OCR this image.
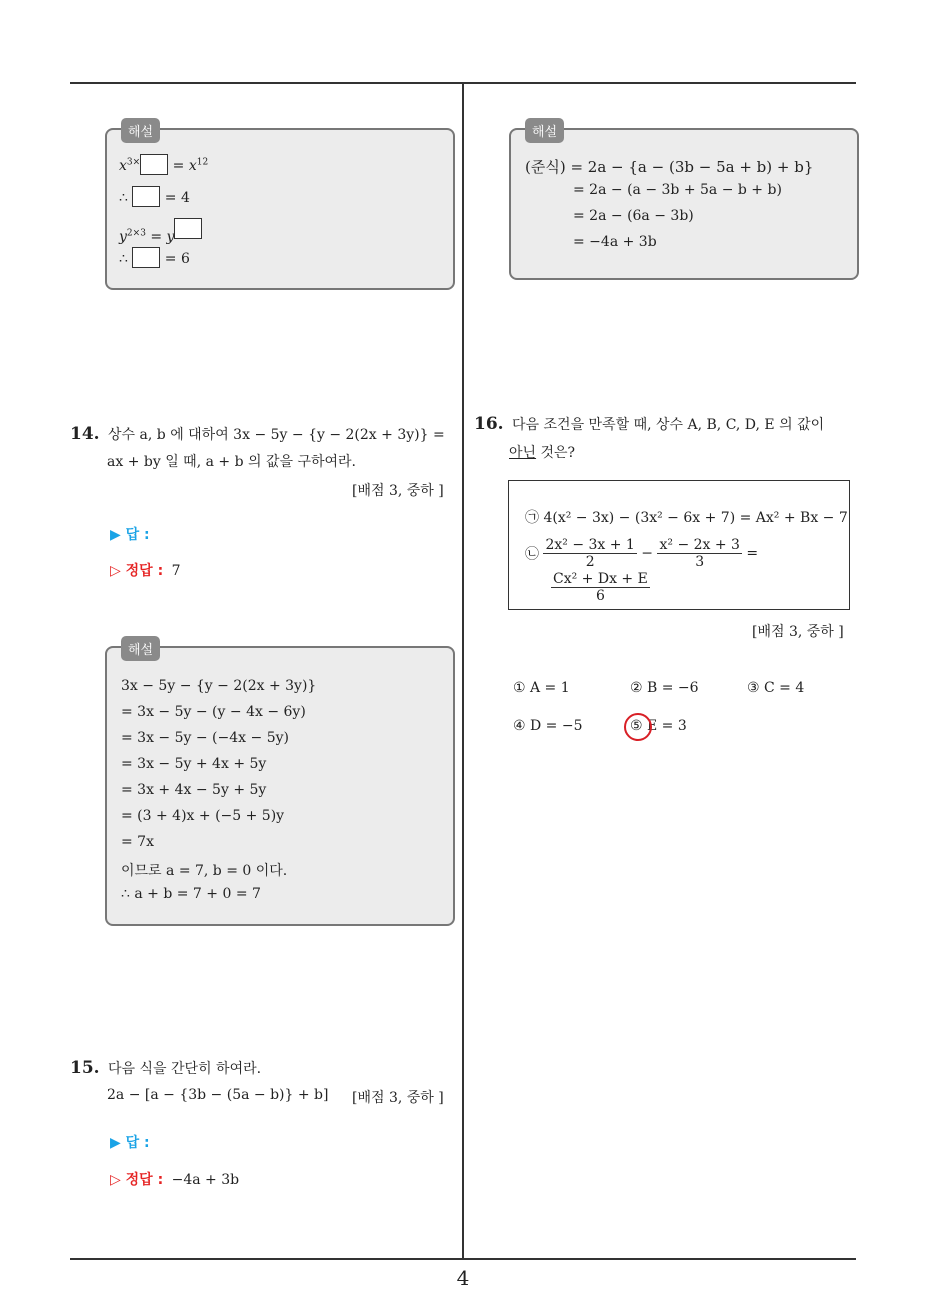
4
해설
$x^{3\times} = x^{12}$
∴  = 4
$y^{2\times 3} = y$
∴  = 6
해설
(준식) = 2a − {a − (3b − 5a + b) + b}
= 2a − (a − 3b + 5a − b + b)
= 2a − (6a − 3b)
= −4a + 3b
14. 상수 a, b 에 대하여 3x − 5y − {y − 2(2x + 3y)} =
ax + by 일 때, a + b 의 값을 구하여라.
[배점 3, 중하 ]
▶ 답 :
▷ 정답 : 7
해설
3x − 5y − {y − 2(2x + 3y)}
= 3x − 5y − (y − 4x − 6y)
= 3x − 5y − (−4x − 5y)
= 3x − 5y + 4x + 5y
= 3x + 4x − 5y + 5y
= (3 + 4)x + (−5 + 5)y
= 7x
이므로 a = 7, b = 0 이다.
∴ a + b = 7 + 0 = 7
15. 다음 식을 간단히 하여라.
2a − [a − {3b − (5a − b)} + b] [배점 3, 중하 ]
▶ 답 :
▷ 정답 : −4a + 3b
16. 다음 조건을 만족할 때, 상수 A, B, C, D, E 의 값이
아닌 것은?
㉠ 4(x² − 3x) − (3x² − 6x + 7) = Ax² + Bx − 7
㉡ $\frac{\text{2x² − 3x + 1}}{2} - \frac{\text{x² − 2x + 3}}{3}$ =
$\frac{\text{Cx² + Dx + E}}{6}$
[배점 3, 중하 ]
① A = 1	② B = −6	③ C = 4
④ D = −5	⑤ E = 3
